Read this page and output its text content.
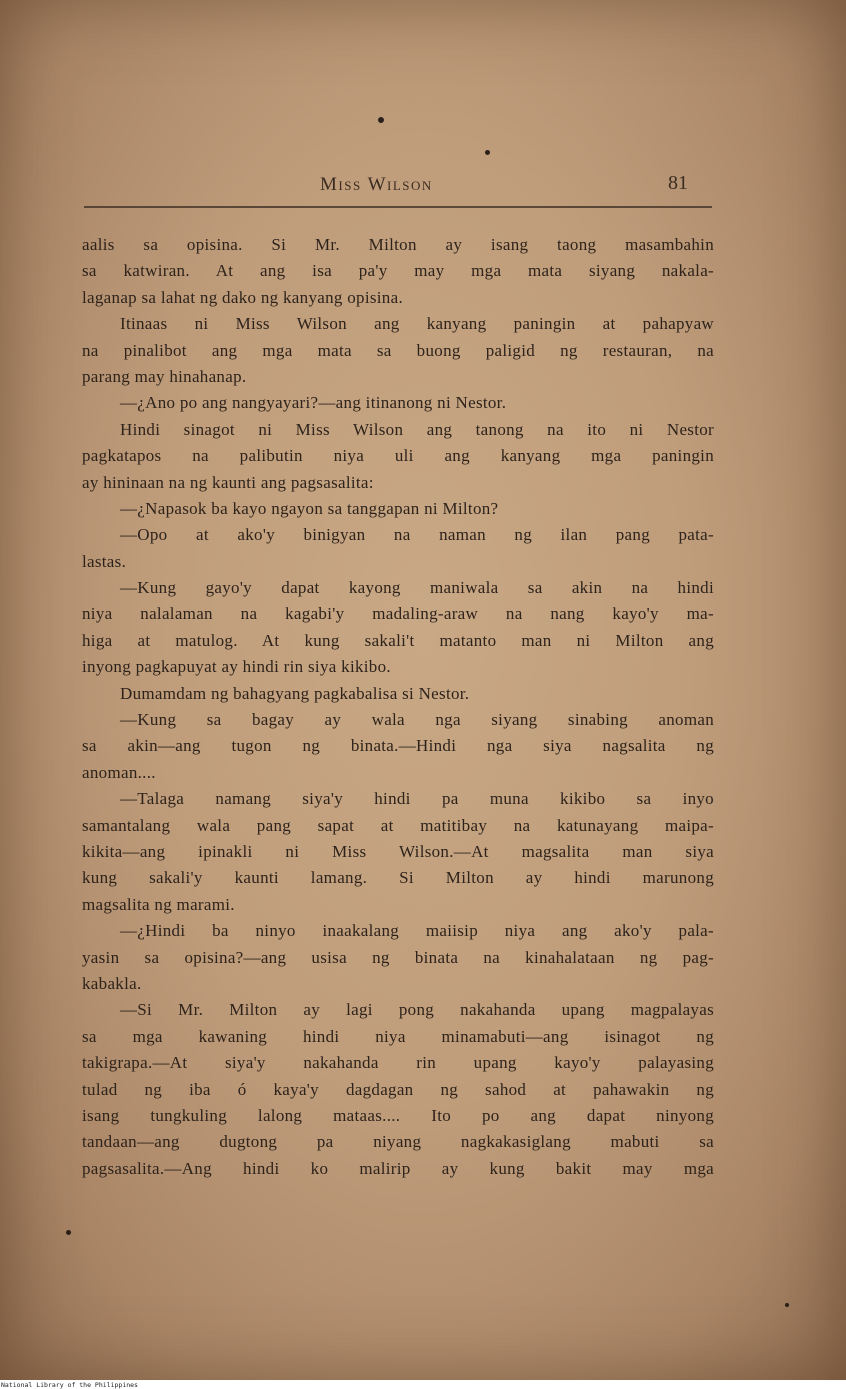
Miss Wilson	81
aalis sa opisina. Si Mr. Milton ay isang taong masambahin
sa katwiran. At ang isa pa'y may mga mata siyang nakala-
laganap sa lahat ng dako ng kanyang opisina.
Itinaas ni Miss Wilson ang kanyang paningin at pahapyaw
na pinalibot ang mga mata sa buong paligid ng restauran, na
parang may hinahanap.
—¿Ano po ang nangyayari?—ang itinanong ni Nestor.
Hindi sinagot ni Miss Wilson ang tanong na ito ni Nestor
pagkatapos na palibutin niya uli ang kanyang mga paningin
ay hininaan na ng kaunti ang pagsasalita:
—¿Napasok ba kayo ngayon sa tanggapan ni Milton?
—Opo at ako'y binigyan na naman ng ilan pang pata-
lastas.
—Kung gayo'y dapat kayong maniwala sa akin na hindi
niya nalalaman na kagabi'y madaling-araw na nang kayo'y ma-
higa at matulog. At kung sakali't matanto man ni Milton ang
inyong pagkapuyat ay hindi rin siya kikibo.
Dumamdam ng bahagyang pagkabalisa si Nestor.
—Kung sa bagay ay wala nga siyang sinabing anoman
sa akin—ang tugon ng binata.—Hindi nga siya nagsalita ng
anoman....
—Talaga namang siya'y hindi pa muna kikibo sa inyo
samantalang wala pang sapat at matitibay na katunayang maipa-
kikita—ang ipinakli ni Miss Wilson.—At magsalita man siya
kung sakali'y kaunti lamang. Si Milton ay hindi marunong
magsalita ng marami.
—¿Hindi ba ninyo inaakalang maiisip niya ang ako'y pala-
yasin sa opisina?—ang usisa ng binata na kinahalataan ng pag-
kabakla.
—Si Mr. Milton ay lagi pong nakahanda upang magpalayas
sa mga kawaning hindi niya minamabuti—ang isinagot ng
takigrapa.—At siya'y nakahanda rin upang kayo'y palayasing
tulad ng iba ó kaya'y dagdagan ng sahod at pahawakin ng
isang tungkuling lalong mataas.... Ito po ang dapat ninyong
tandaan—ang dugtong pa niyang nagkakasiglang mabuti sa
pagsasalita.—Ang hindi ko malirip ay kung bakit may mga
National Library of the Philippines
